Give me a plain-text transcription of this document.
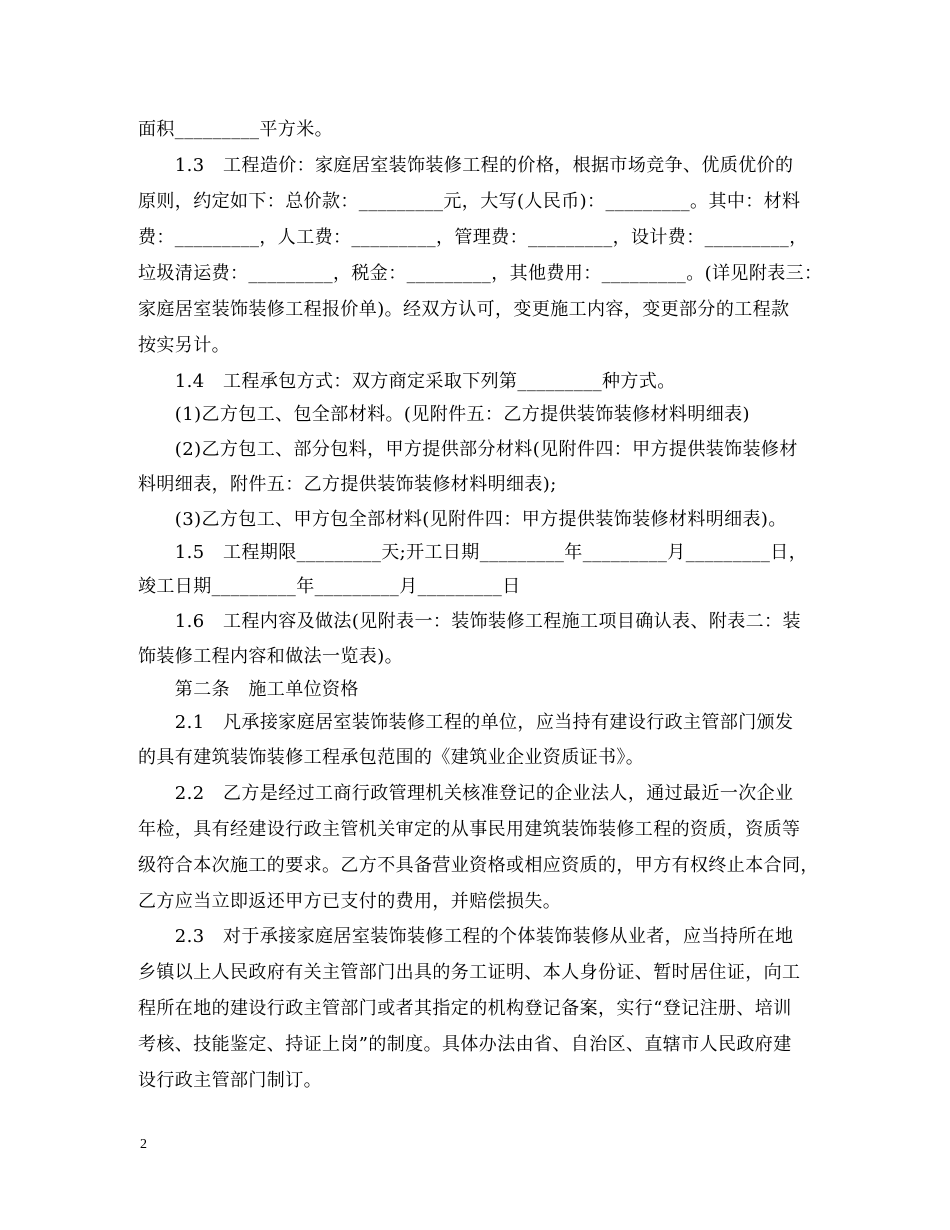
面积_________平方米。
　　1.3　工程造价：家庭居室装饰装修工程的价格，根据市场竞争、优质优价的
原则，约定如下：总价款：_________元，大写(人民币)：_________。其中：材料
费：_________，人工费：_________，管理费：_________，设计费：_________，
垃圾清运费：_________，税金：_________，其他费用：_________。(详见附表三：
家庭居室装饰装修工程报价单)。经双方认可，变更施工内容，变更部分的工程款
按实另计。
　　1.4　工程承包方式：双方商定采取下列第_________种方式。
　　(1)乙方包工、包全部材料。(见附件五：乙方提供装饰装修材料明细表)
　　(2)乙方包工、部分包料，甲方提供部分材料(见附件四：甲方提供装饰装修材
料明细表，附件五：乙方提供装饰装修材料明细表);
　　(3)乙方包工、甲方包全部材料(见附件四：甲方提供装饰装修材料明细表)。
　　1.5　工程期限_________天;开工日期_________年_________月_________日，
竣工日期_________年_________月_________日
　　1.6　工程内容及做法(见附表一：装饰装修工程施工项目确认表、附表二：装
饰装修工程内容和做法一览表)。
　　第二条　施工单位资格
　　2.1　凡承接家庭居室装饰装修工程的单位，应当持有建设行政主管部门颁发
的具有建筑装饰装修工程承包范围的《建筑业企业资质证书》。
　　2.2　乙方是经过工商行政管理机关核准登记的企业法人，通过最近一次企业
年检，具有经建设行政主管机关审定的从事民用建筑装饰装修工程的资质，资质等
级符合本次施工的要求。乙方不具备营业资格或相应资质的，甲方有权终止本合同，
乙方应当立即返还甲方已支付的费用，并赔偿损失。
　　2.3　对于承接家庭居室装饰装修工程的个体装饰装修从业者，应当持所在地
乡镇以上人民政府有关主管部门出具的务工证明、本人身份证、暂时居住证，向工
程所在地的建设行政主管部门或者其指定的机构登记备案，实行“登记注册、培训
考核、技能鉴定、持证上岗”的制度。具体办法由省、自治区、直辖市人民政府建
设行政主管部门制订。
2
